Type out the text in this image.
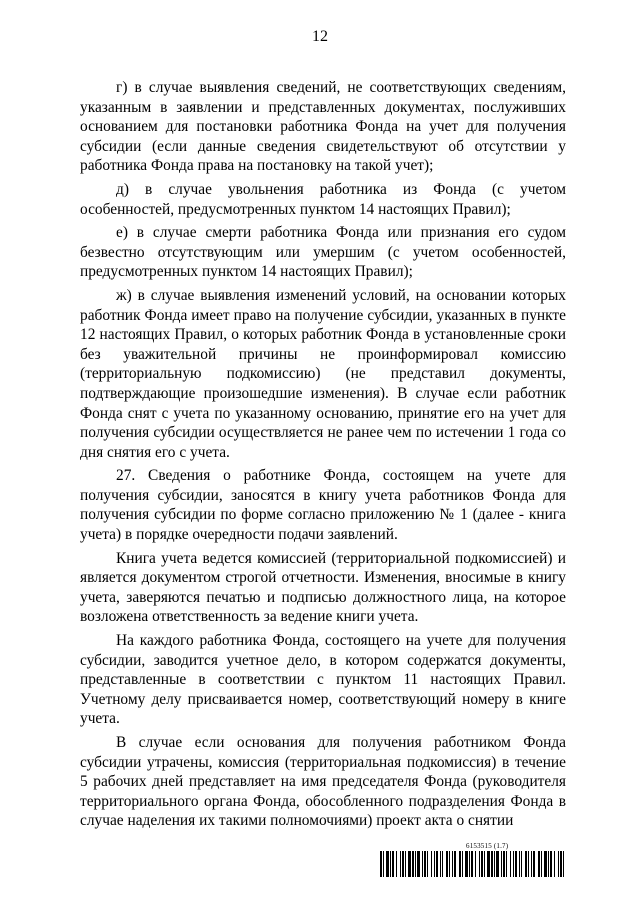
12

г) в случае выявления сведений, не соответствующих сведениям, указанным в заявлении и представленных документах, послуживших основанием для постановки работника Фонда на учет для получения субсидии (если данные сведения свидетельствуют об отсутствии у работника Фонда права на постановку на такой учет);

д) в случае увольнения работника из Фонда (с учетом особенностей, предусмотренных пунктом 14 настоящих Правил);

е) в случае смерти работника Фонда или признания его судом безвестно отсутствующим или умершим (с учетом особенностей, предусмотренных пунктом 14 настоящих Правил);

ж) в случае выявления изменений условий, на основании которых работник Фонда имеет право на получение субсидии, указанных в пункте 12 настоящих Правил, о которых работник Фонда в установленные сроки без уважительной причины не проинформировал комиссию (территориальную подкомиссию) (не представил документы, подтверждающие произошедшие изменения). В случае если работник Фонда снят с учета по указанному основанию, принятие его на учет для получения субсидии осуществляется не ранее чем по истечении 1 года со дня снятия его с учета.

27. Сведения о работнике Фонда, состоящем на учете для получения субсидии, заносятся в книгу учета работников Фонда для получения субсидии по форме согласно приложению № 1 (далее - книга учета) в порядке очередности подачи заявлений.

Книга учета ведется комиссией (территориальной подкомиссией) и является документом строгой отчетности. Изменения, вносимые в книгу учета, заверяются печатью и подписью должностного лица, на которое возложена ответственность за ведение книги учета.

На каждого работника Фонда, состоящего на учете для получения субсидии, заводится учетное дело, в котором содержатся документы, представленные в соответствии с пунктом 11 настоящих Правил. Учетному делу присваивается номер, соответствующий номеру в книге учета.

В случае если основания для получения работником Фонда субсидии утрачены, комиссия (территориальная подкомиссия) в течение 5 рабочих дней представляет на имя председателя Фонда (руководителя территориального органа Фонда, обособленного подразделения Фонда в случае наделения их такими полномочиями) проект акта о снятии

6153515 (1.7)
